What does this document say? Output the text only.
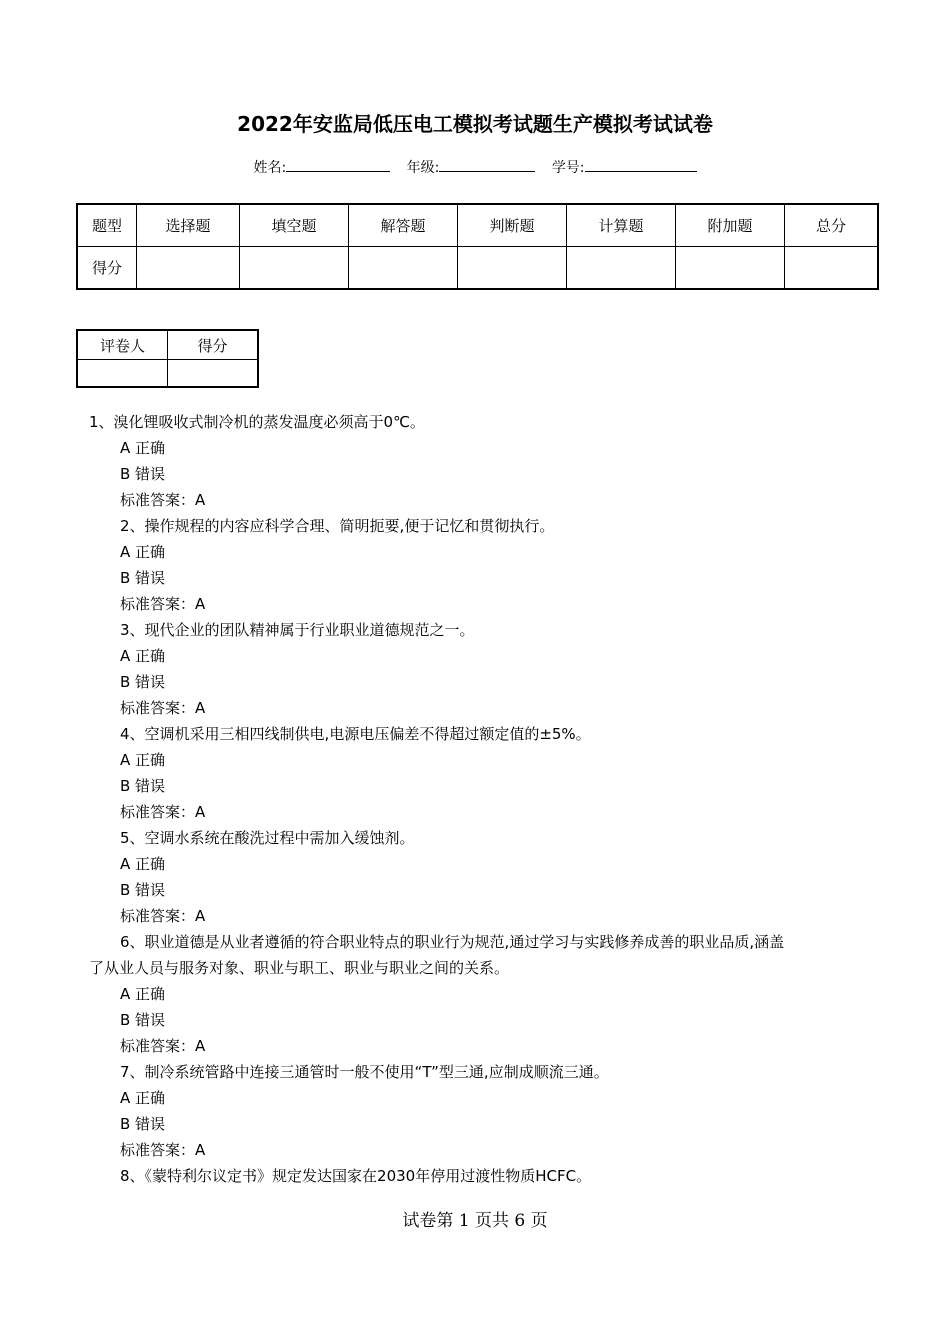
2022年安监局低压电工模拟考试题生产模拟考试试卷
姓名:	年级:	学号:
题型	选择题	填空题	解答题	判断题	计算题	附加题	总分
得分							
评卷人	得分

1、溴化锂吸收式制冷机的蒸发温度必须高于0℃。
A 正确
B 错误
标准答案：A
2、操作规程的内容应科学合理、简明扼要,便于记忆和贯彻执行。
A 正确
B 错误
标准答案：A
3、现代企业的团队精神属于行业职业道德规范之一。
A 正确
B 错误
标准答案：A
4、空调机采用三相四线制供电,电源电压偏差不得超过额定值的±5%。
A 正确
B 错误
标准答案：A
5、空调水系统在酸洗过程中需加入缓蚀剂。
A 正确
B 错误
标准答案：A
6、职业道德是从业者遵循的符合职业特点的职业行为规范,通过学习与实践修养成善的职业品质,涵盖
了从业人员与服务对象、职业与职工、职业与职业之间的关系。
A 正确
B 错误
标准答案：A
7、制冷系统管路中连接三通管时一般不使用“T”型三通,应制成顺流三通。
A 正确
B 错误
标准答案：A
8、《蒙特利尔议定书》规定发达国家在2030年停用过渡性物质HCFC。
试卷第 1 页共 6 页
